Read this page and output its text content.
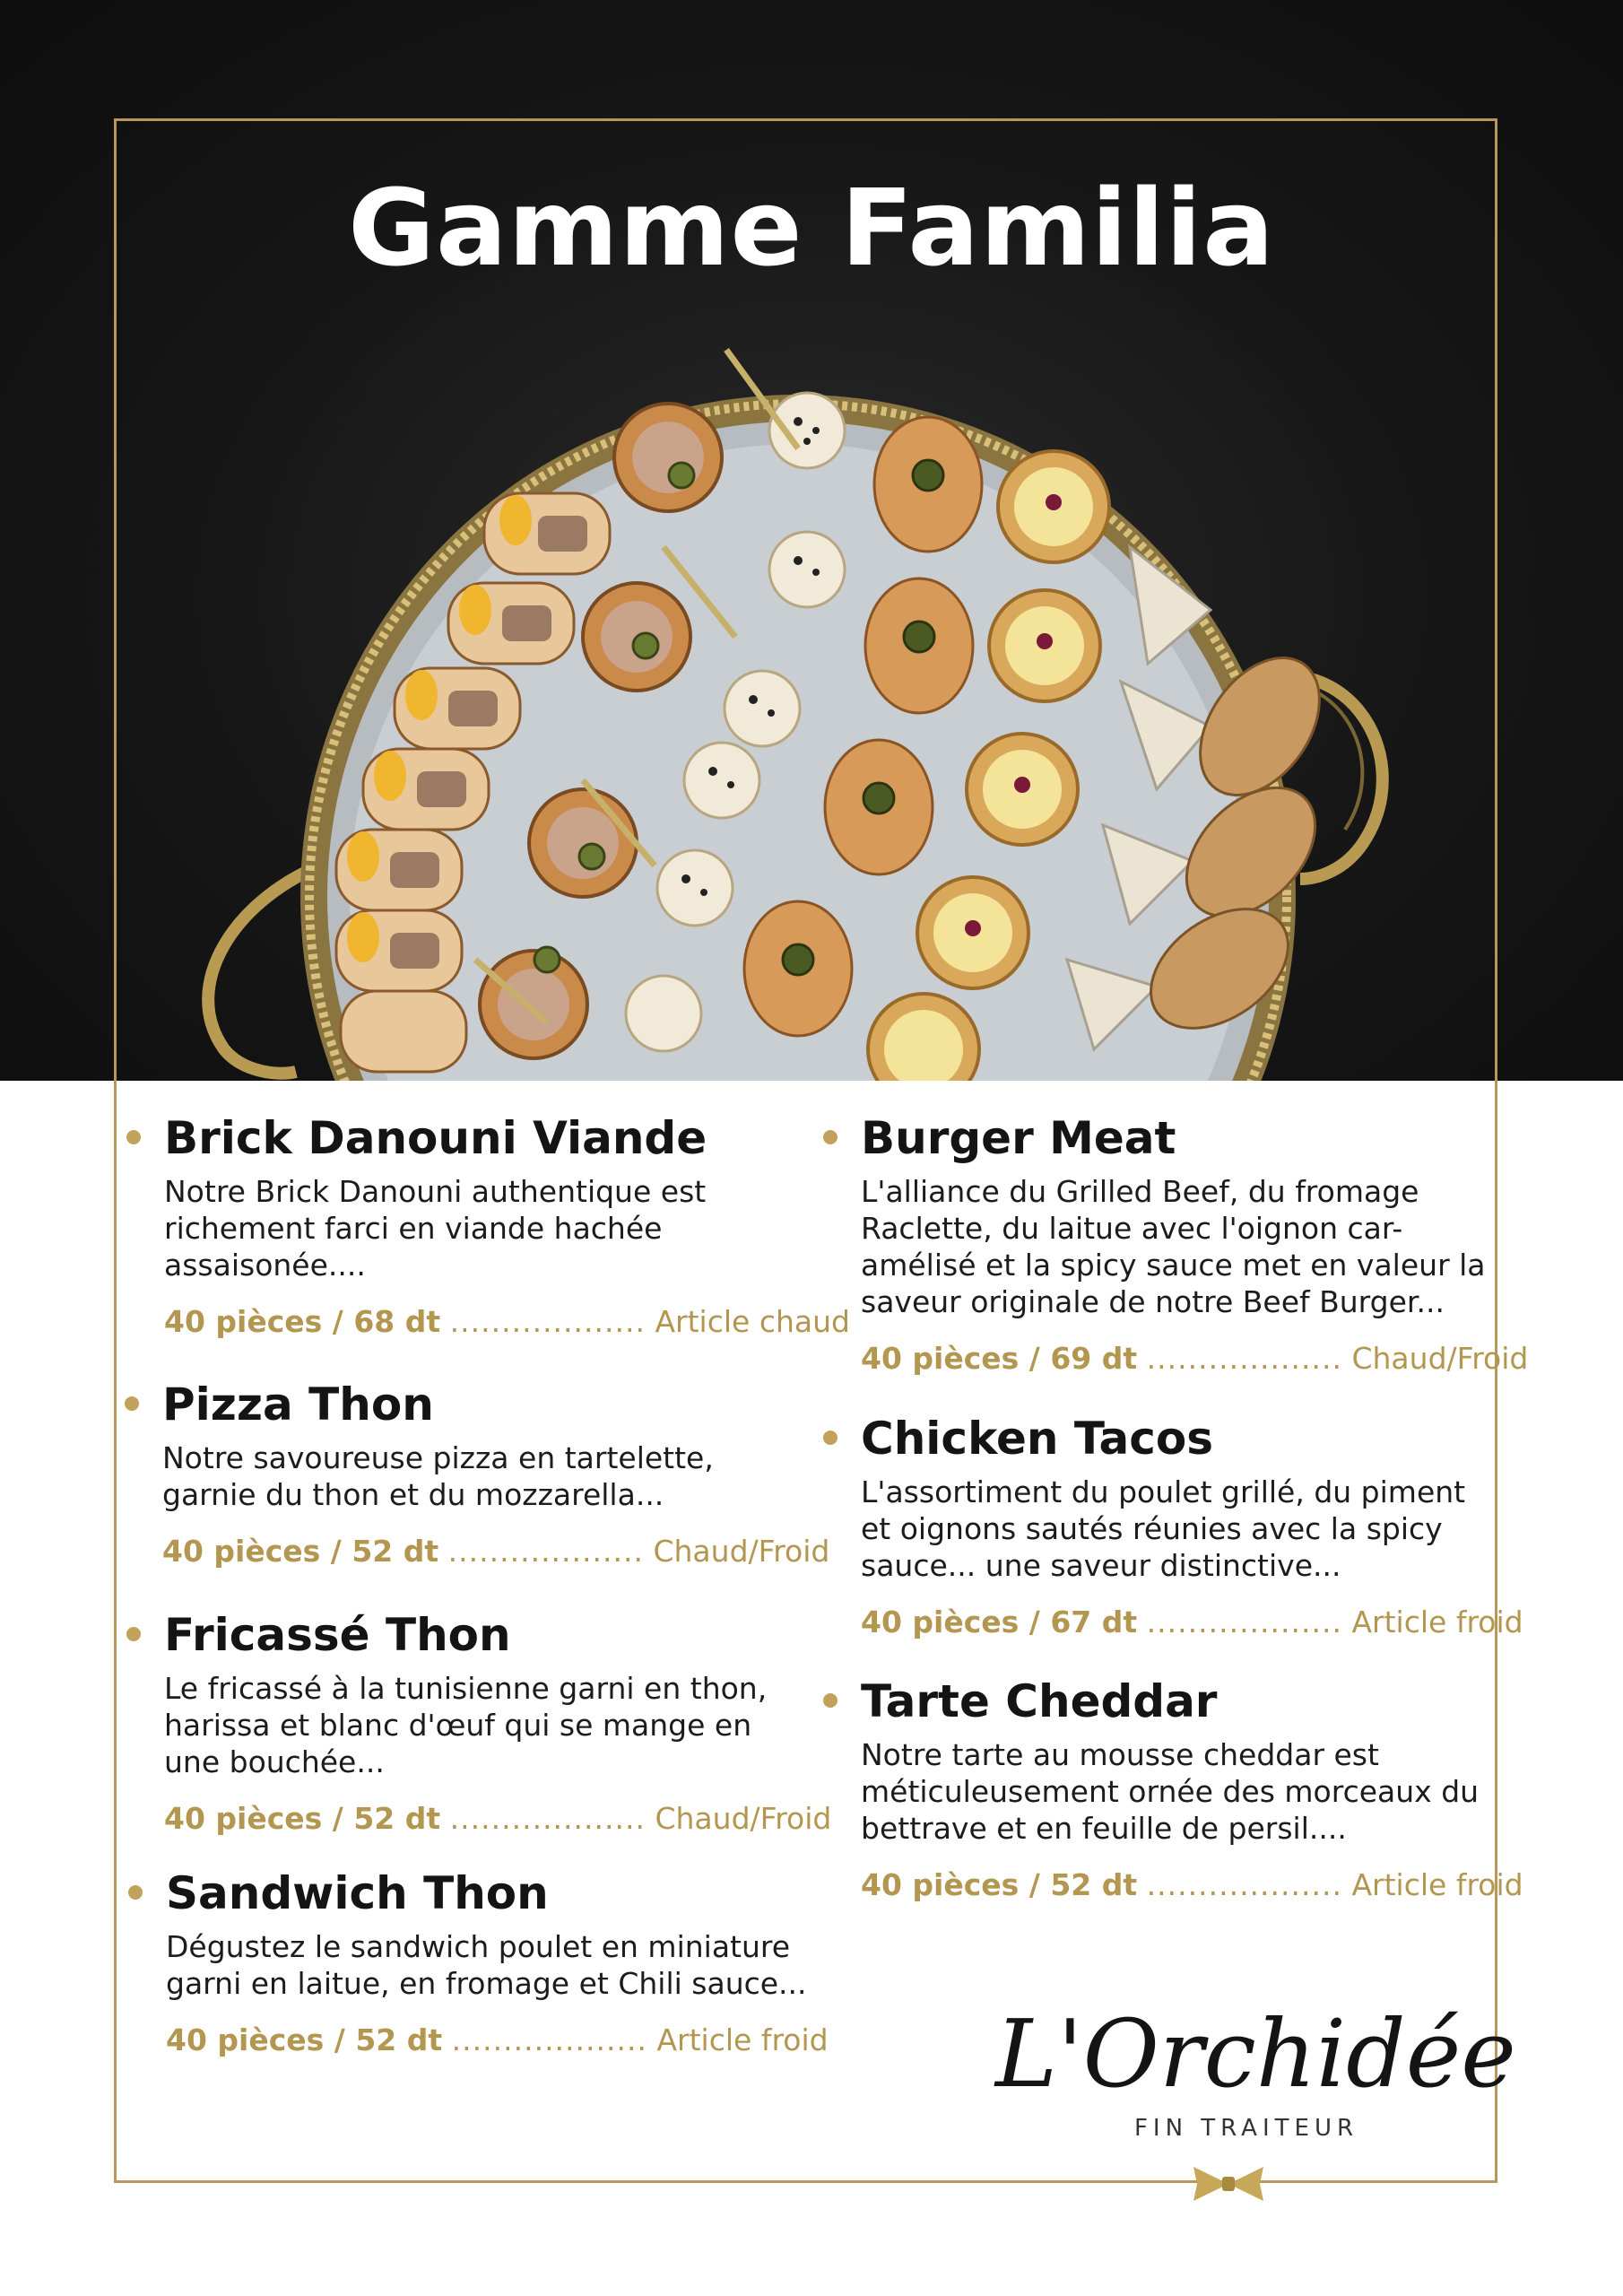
Gamme Familia
Brick Danouni Viande
Notre Brick Danouni authentique est
richement farci en viande hachée
assaisonée....
40 pièces / 68 dt ................... Article chaud
Pizza Thon
Notre savoureuse pizza en tartelette,
garnie du thon et du mozzarella...
40 pièces / 52 dt ................... Chaud/Froid
Fricassé Thon
Le fricassé à la tunisienne garni en thon,
harissa et blanc d'œuf qui se mange en
une bouchée...
40 pièces / 52 dt ................... Chaud/Froid
Sandwich Thon
Dégustez le sandwich poulet en miniature
garni en laitue, en fromage et Chili sauce...
40 pièces / 52 dt ................... Article froid
Burger Meat
L'alliance du Grilled Beef, du fromage
Raclette, du laitue avec l'oignon car-
amélisé et la spicy sauce met en valeur la
saveur originale de notre Beef Burger...
40 pièces / 69 dt ................... Chaud/Froid
Chicken Tacos
L'assortiment du poulet grillé, du piment
et oignons sautés réunies avec la spicy
sauce... une saveur distinctive...
40 pièces / 67 dt ................... Article froid
Tarte Cheddar
Notre tarte au mousse cheddar est
méticuleusement ornée des morceaux du
bettrave et en feuille de persil....
40 pièces / 52 dt ................... Article froid
L'Orchidée
FIN TRAITEUR
